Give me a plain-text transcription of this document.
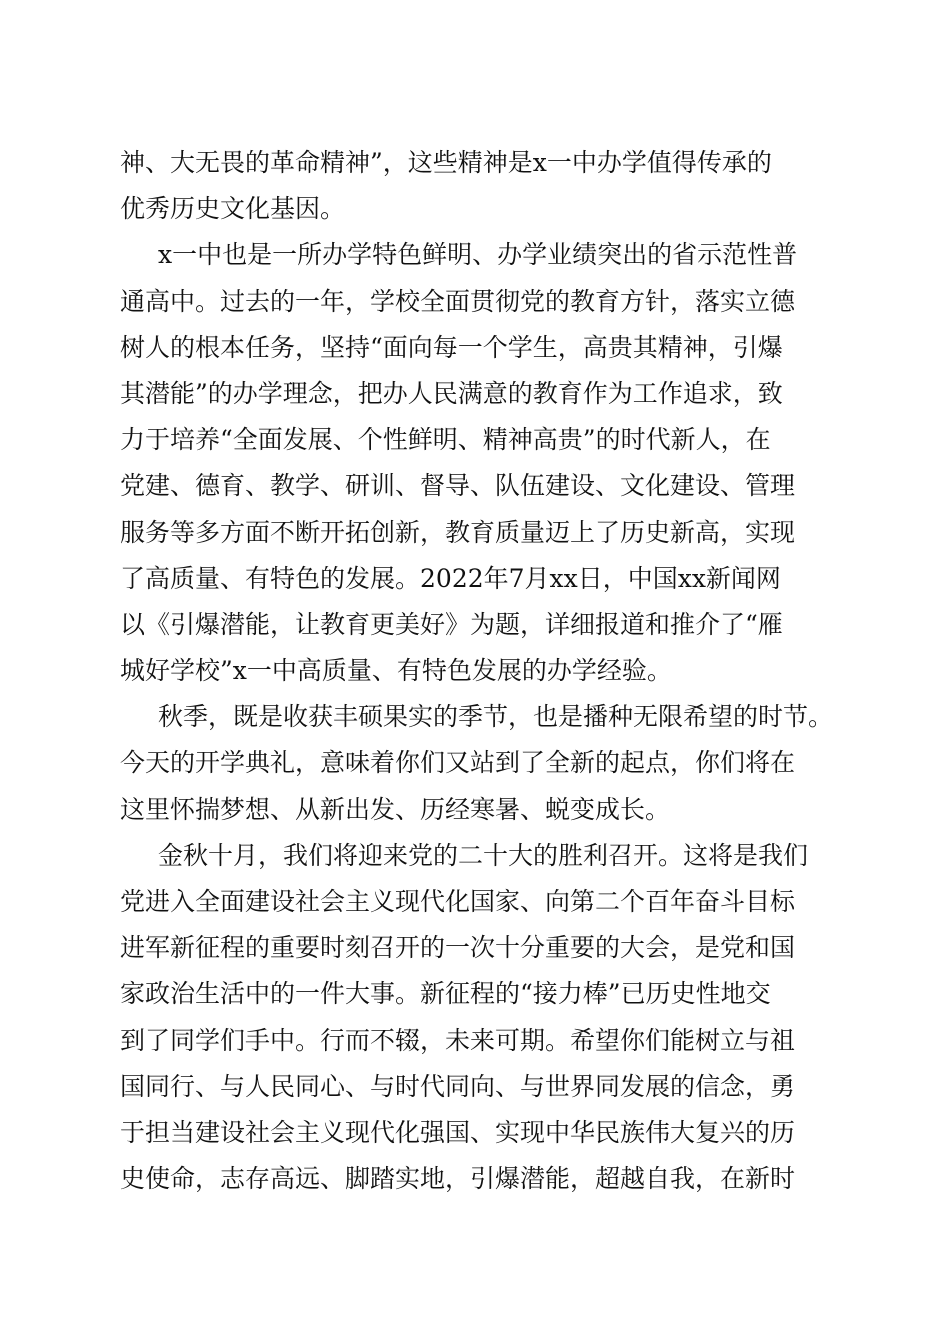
神、大无畏的革命精神”，这些精神是x一中办学值得传承的
优秀历史文化基因。
x一中也是一所办学特色鲜明、办学业绩突出的省示范性普
通高中。过去的一年，学校全面贯彻党的教育方针，落实立德
树人的根本任务，坚持“面向每一个学生，高贵其精神，引爆
其潜能”的办学理念，把办人民满意的教育作为工作追求，致
力于培养“全面发展、个性鲜明、精神高贵”的时代新人，在
党建、德育、教学、研训、督导、队伍建设、文化建设、管理
服务等多方面不断开拓创新，教育质量迈上了历史新高，实现
了高质量、有特色的发展。2022年7月xx日，中国xx新闻网
以《引爆潜能，让教育更美好》为题，详细报道和推介了“雁
城好学校”x一中高质量、有特色发展的办学经验。
秋季，既是收获丰硕果实的季节，也是播种无限希望的时节。
今天的开学典礼，意味着你们又站到了全新的起点，你们将在
这里怀揣梦想、从新出发、历经寒暑、蜕变成长。
金秋十月，我们将迎来党的二十大的胜利召开。这将是我们
党进入全面建设社会主义现代化国家、向第二个百年奋斗目标
进军新征程的重要时刻召开的一次十分重要的大会，是党和国
家政治生活中的一件大事。新征程的“接力棒”已历史性地交
到了同学们手中。行而不辍，未来可期。希望你们能树立与祖
国同行、与人民同心、与时代同向、与世界同发展的信念，勇
于担当建设社会主义现代化强国、实现中华民族伟大复兴的历
史使命，志存高远、脚踏实地，引爆潜能，超越自我，在新时
